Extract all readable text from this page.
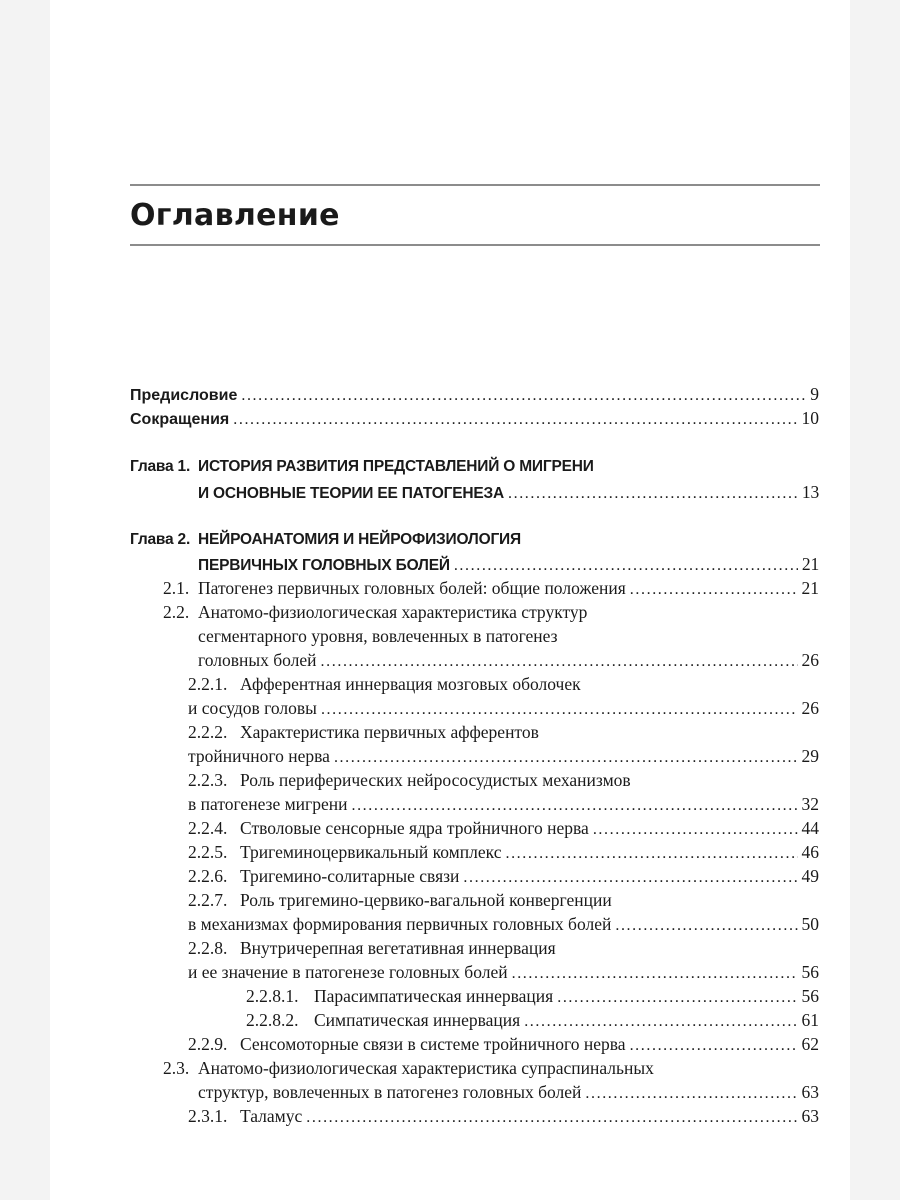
Оглавление
Предисловие . . .	9
Сокращения . . .	10
Глава 1. ИСТОРИЯ РАЗВИТИЯ ПРЕДСТАВЛЕНИЙ О МИГРЕНИ
И ОСНОВНЫЕ ТЕОРИИ ЕЕ ПАТОГЕНЕЗА . . .	13
Глава 2. НЕЙРОАНАТОМИЯ И НЕЙРОФИЗИОЛОГИЯ
ПЕРВИЧНЫХ ГОЛОВНЫХ БОЛЕЙ . . .	21
2.1. Патогенез первичных головных болей: общие положения . . .	21
2.2. Анатомо-физиологическая характеристика структур
сегментарного уровня, вовлеченных в патогенез
головных болей . . .	26
2.2.1. Афферентная иннервация мозговых оболочек
и сосудов головы . . .	26
2.2.2. Характеристика первичных афферентов
тройничного нерва . . .	29
2.2.3. Роль периферических нейрососудистых механизмов
в патогенезе мигрени . . .	32
2.2.4. Стволовые сенсорные ядра тройничного нерва . . .	44
2.2.5. Тригеминоцервикальный комплекс . . .	46
2.2.6. Тригемино-солитарные связи . . .	49
2.2.7. Роль тригемино-цервико-вагальной конвергенции
в механизмах формирования первичных головных болей . . .	50
2.2.8. Внутричерепная вегетативная иннервация
и ее значение в патогенезе головных болей . . .	56
2.2.8.1. Парасимпатическая иннервация . . .	56
2.2.8.2. Симпатическая иннервация . . .	61
2.2.9. Сенсомоторные связи в системе тройничного нерва . . .	62
2.3. Анатомо-физиологическая характеристика супраспинальных
структур, вовлеченных в патогенез головных болей . . .	63
2.3.1. Таламус . . .	63
